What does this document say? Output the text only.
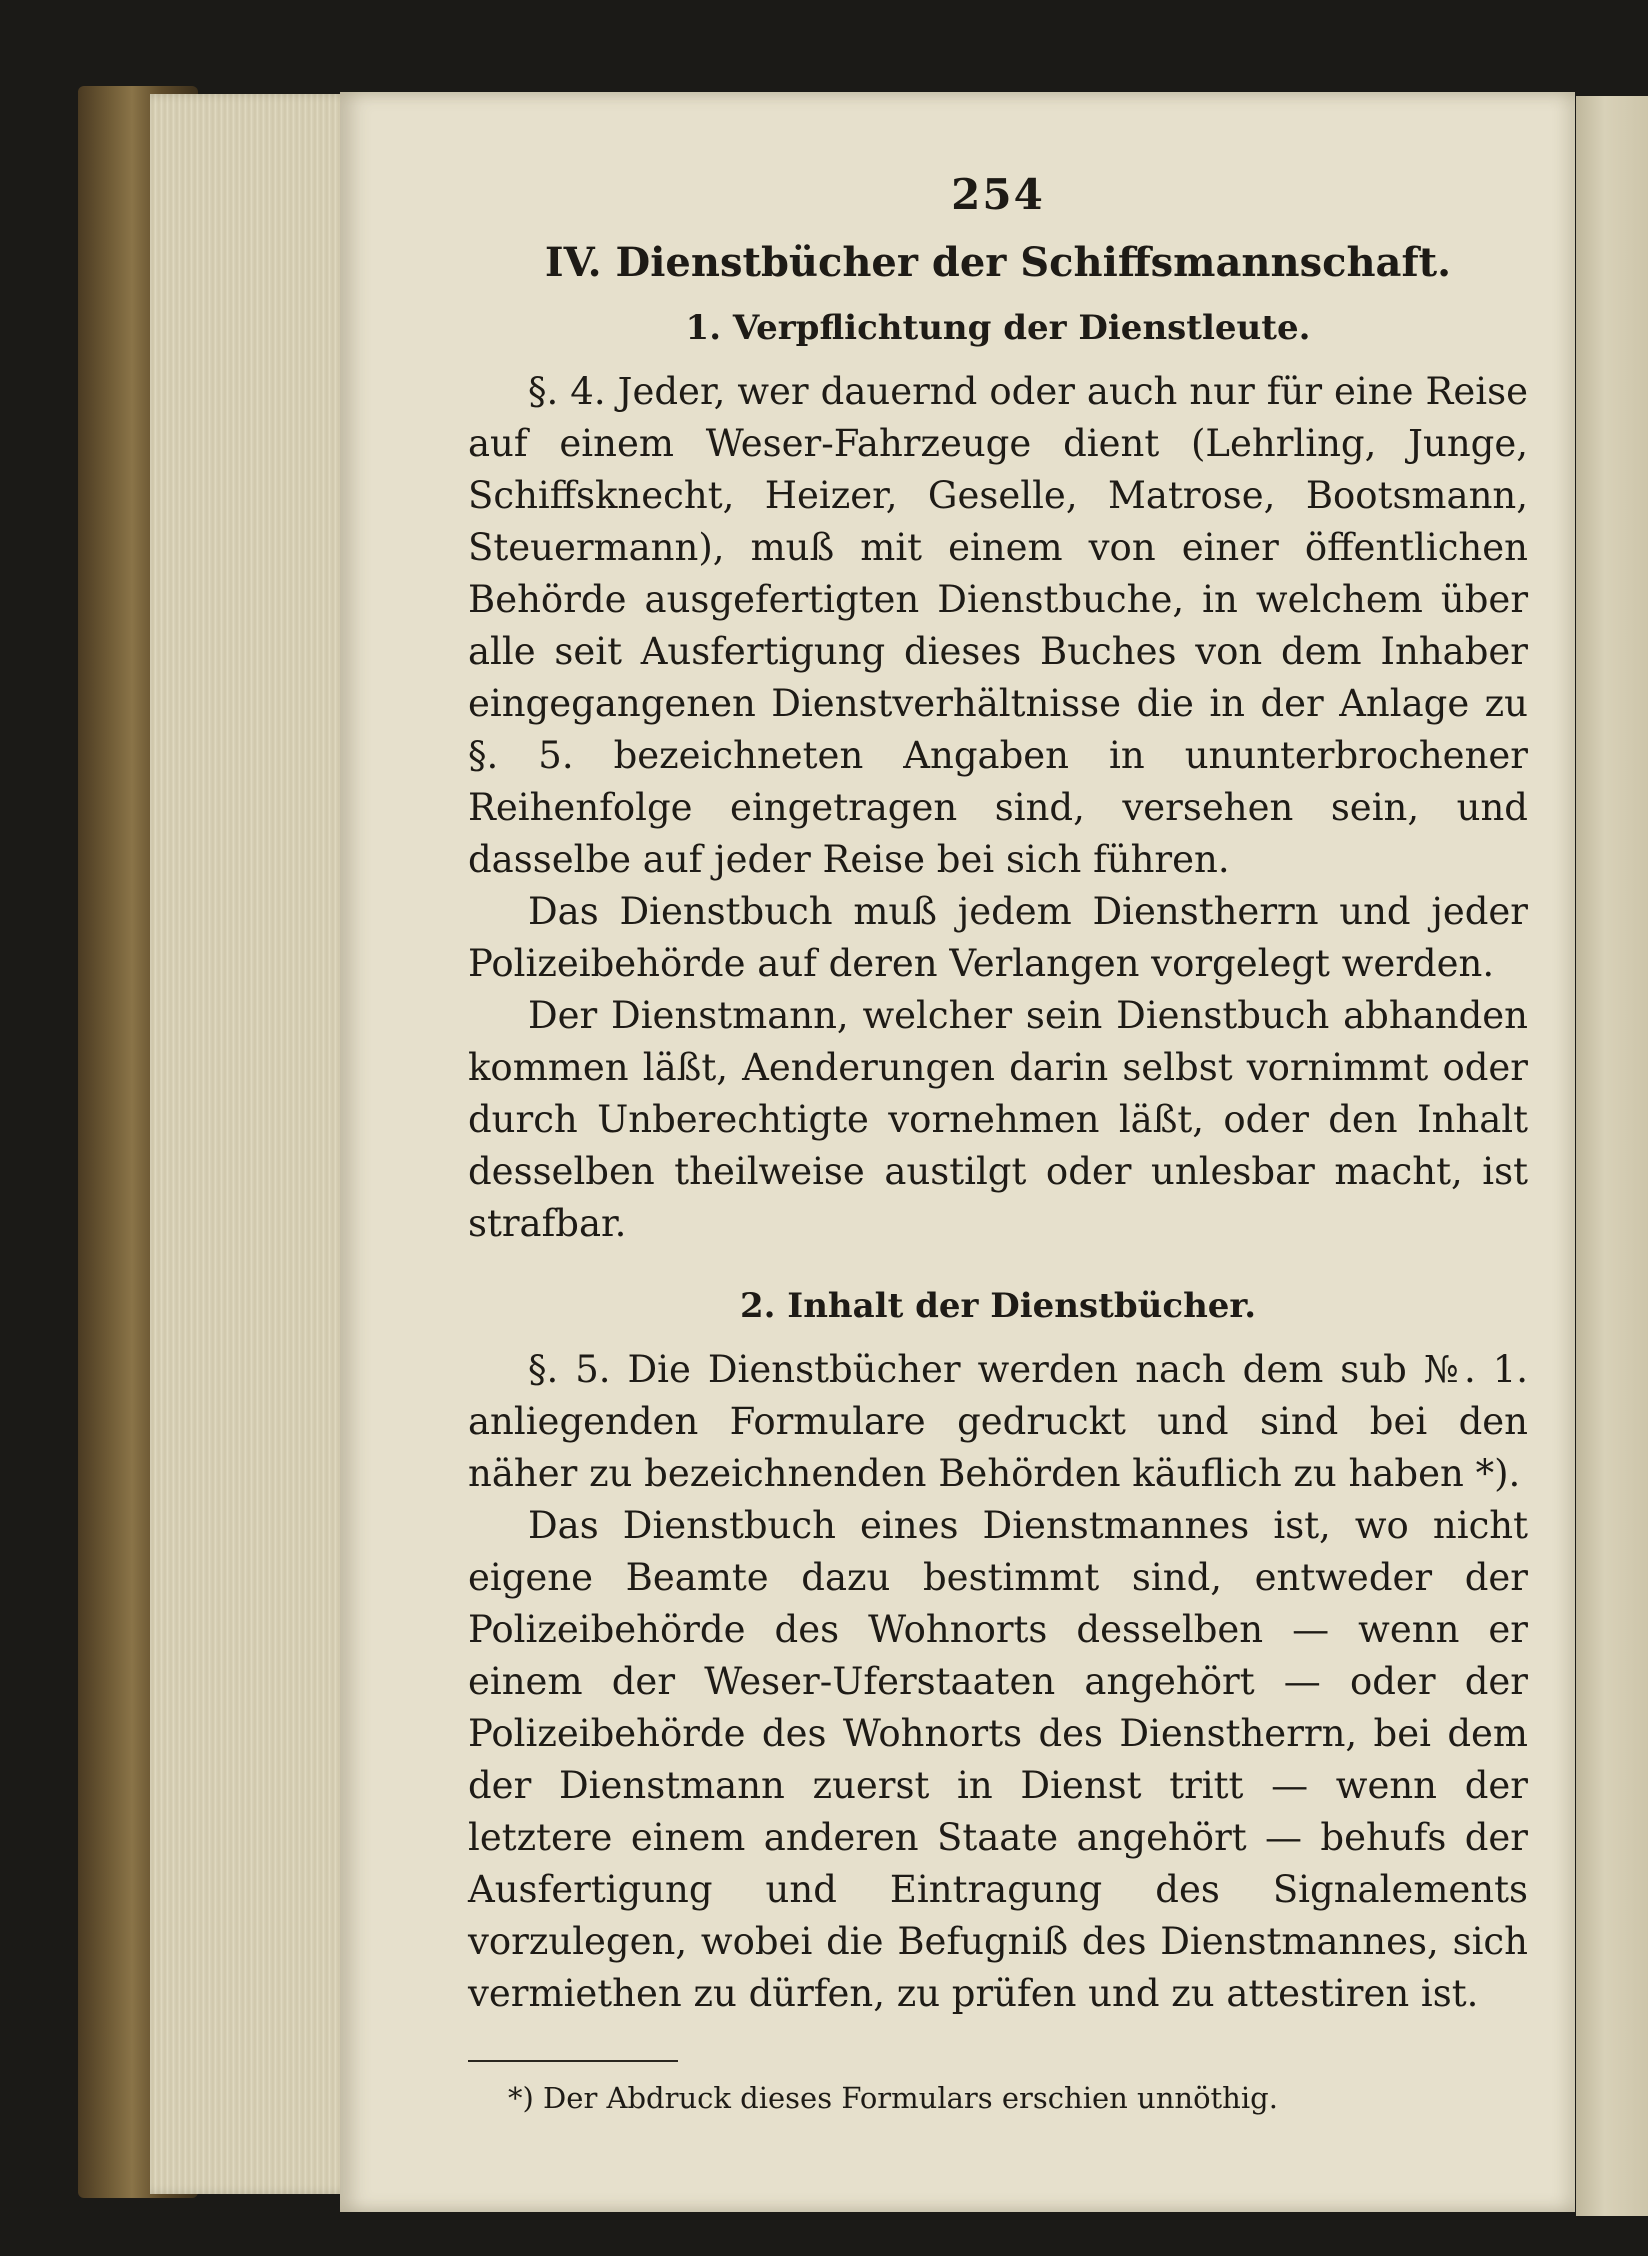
254
IV. Dienstbücher der Schiffsmannschaft.
1. Verpflichtung der Dienstleute.

§. 4. Jeder, wer dauernd oder auch nur für eine Reise auf einem Weser-Fahrzeuge dient (Lehrling, Junge, Schiffsknecht, Heizer, Geselle, Matrose, Bootsmann, Steuermann), muß mit einem von einer öffentlichen Behörde ausgefertigten Dienstbuche, in welchem über alle seit Ausfertigung dieses Buches von dem Inhaber eingegangenen Dienstverhältnisse die in der Anlage zu §. 5. bezeichneten Angaben in ununterbrochener Reihenfolge eingetragen sind, versehen sein, und dasselbe auf jeder Reise bei sich führen.

Das Dienstbuch muß jedem Dienstherrn und jeder Polizeibehörde auf deren Verlangen vorgelegt werden.

Der Dienstmann, welcher sein Dienstbuch abhanden kommen läßt, Aenderungen darin selbst vornimmt oder durch Unberechtigte vornehmen läßt, oder den Inhalt desselben theilweise austilgt oder unlesbar macht, ist strafbar.

2. Inhalt der Dienstbücher.

§. 5. Die Dienstbücher werden nach dem sub №. 1. anliegenden Formulare gedruckt und sind bei den näher zu bezeichnenden Behörden käuflich zu haben *).

Das Dienstbuch eines Dienstmannes ist, wo nicht eigene Beamte dazu bestimmt sind, entweder der Polizeibehörde des Wohnorts desselben — wenn er einem der Weser-Uferstaaten angehört — oder der Polizeibehörde des Wohnorts des Dienstherrn, bei dem der Dienstmann zuerst in Dienst tritt — wenn der letztere einem anderen Staate angehört — behufs der Ausfertigung und Eintragung des Signalements vorzulegen, wobei die Befugniß des Dienstmannes, sich vermiethen zu dürfen, zu prüfen und zu attestiren ist.

*) Der Abdruck dieses Formulars erschien unnöthig.
